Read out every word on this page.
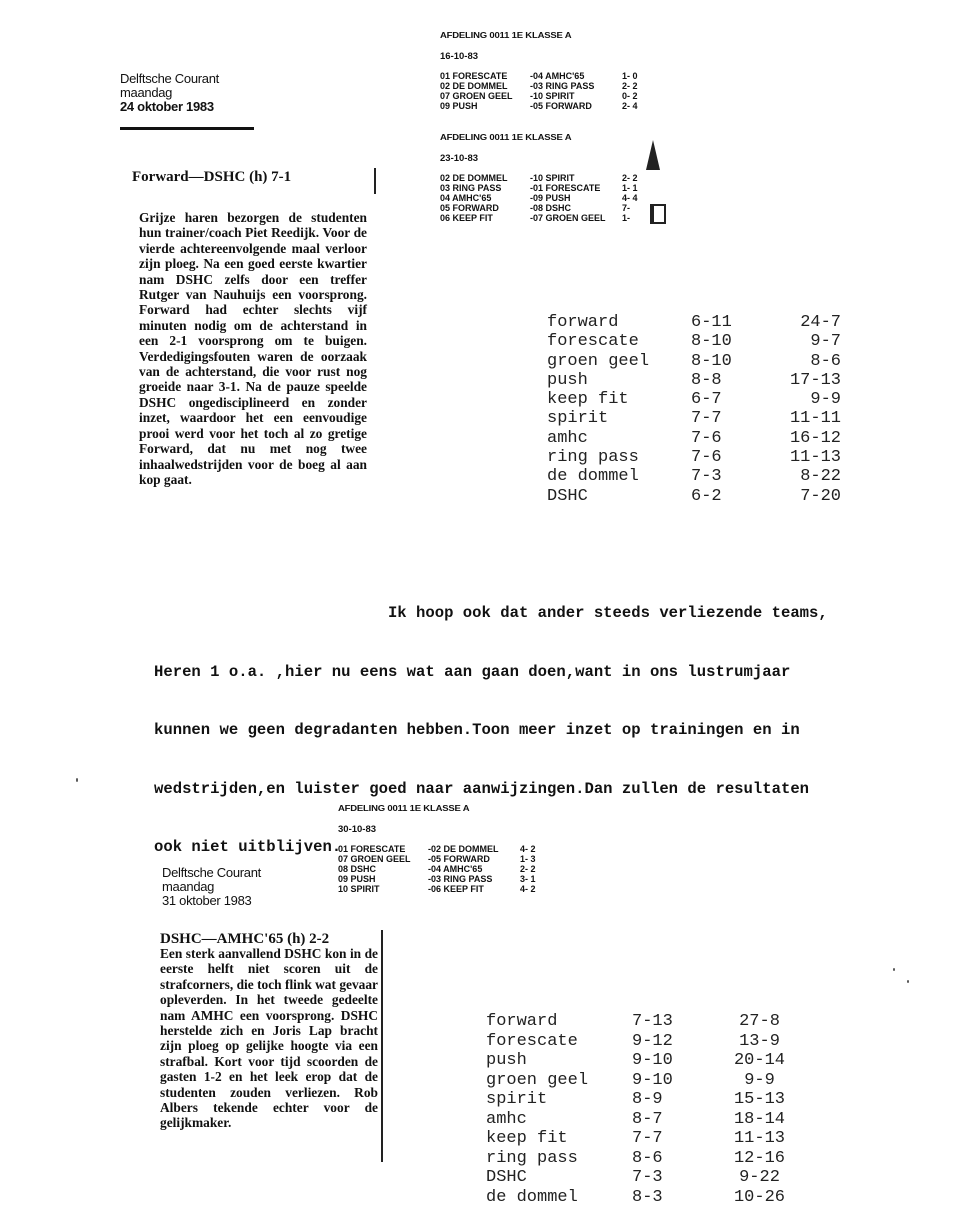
Delftsche Courant
maandag
24 oktober 1983
Forward—DSHC (h) 7-1
Grijze haren bezorgen de studenten hun trainer/coach Piet Reedijk. Voor de vierde achtereenvolgende maal verloor zijn ploeg. Na een goed eerste kwartier nam DSHC zelfs door een treffer Rutger van Nauhuijs een voorsprong. Forward had echter slechts vijf minuten nodig om de achterstand in een 2-1 voorsprong om te buigen. Verdedigingsfouten waren de oorzaak van de achterstand, die voor rust nog groeide naar 3-1. Na de pauze speelde DSHC ongedisciplineerd en zonder inzet, waardoor het een eenvoudige prooi werd voor het toch al zo gretige Forward, dat nu met nog twee inhaalwedstrijden voor de boeg al aan kop gaat.
AFDELING 0011 1E KLASSE A
16-10-83
01 FORESCATE	-04 AMHC'65	1- 0
02 DE DOMMEL	-03 RING PASS	2- 2
07 GROEN GEEL	-10 SPIRIT	0- 2
09 PUSH	-05 FORWARD	2- 4
AFDELING 0011 1E KLASSE A
23-10-83
02 DE DOMMEL	-10 SPIRIT	2- 2
03 RING PASS	-01 FORESCATE	1- 1
04 AMHC'65	-09 PUSH	4- 4
05 FORWARD	-08 DSHC	7-
06 KEEP FIT	-07 GROEN GEEL	1-
forward	6-11	24-7
forescate	8-10	9-7
groen geel	8-10	8-6
push	8-8	17-13
keep fit	6-7	9-9
spirit	7-7	11-11
amhc	7-6	16-12
ring pass	7-6	11-13
de dommel	7-3	8-22
DSHC	6-2	7-20

Ik hoop ook dat ander steeds verliezende teams,

Heren 1 o.a. ,hier nu eens wat aan gaan doen,want in ons lustrumjaar

kunnen we geen degradanten hebben.Toon meer inzet op trainingen en in

wedstrijden,en luister goed naar aanwijzingen.Dan zullen de resultaten

ook niet uitblijven.

AFDELING 0011 1E KLASSE A
30-10-83
01 FORESCATE	-02 DE DOMMEL	4- 2
07 GROEN GEEL	-05 FORWARD	1- 3
08 DSHC	-04 AMHC'65	2- 2
09 PUSH	-03 RING PASS	3- 1
10 SPIRIT	-06 KEEP FIT	4- 2
Delftsche Courant
maandag
31 oktober 1983
DSHC—AMHC'65 (h) 2-2
Een sterk aanvallend DSHC kon in de eerste helft niet scoren uit de strafcorners, die toch flink wat gevaar opleverden. In het tweede gedeelte nam AMHC een voorsprong. DSHC herstelde zich en Joris Lap bracht zijn ploeg op gelijke hoogte via een strafbal. Kort voor tijd scoorden de gasten 1-2 en het leek erop dat de studenten zouden verliezen. Rob Albers tekende echter voor de gelijkmaker.
forward	7-13	27-8
forescate	9-12	13-9
push	9-10	20-14
groen geel	9-10	9-9
spirit	8-9	15-13
amhc	8-7	18-14
keep fit	7-7	11-13
ring pass	8-6	12-16
DSHC	7-3	9-22
de dommel	8-3	10-26
